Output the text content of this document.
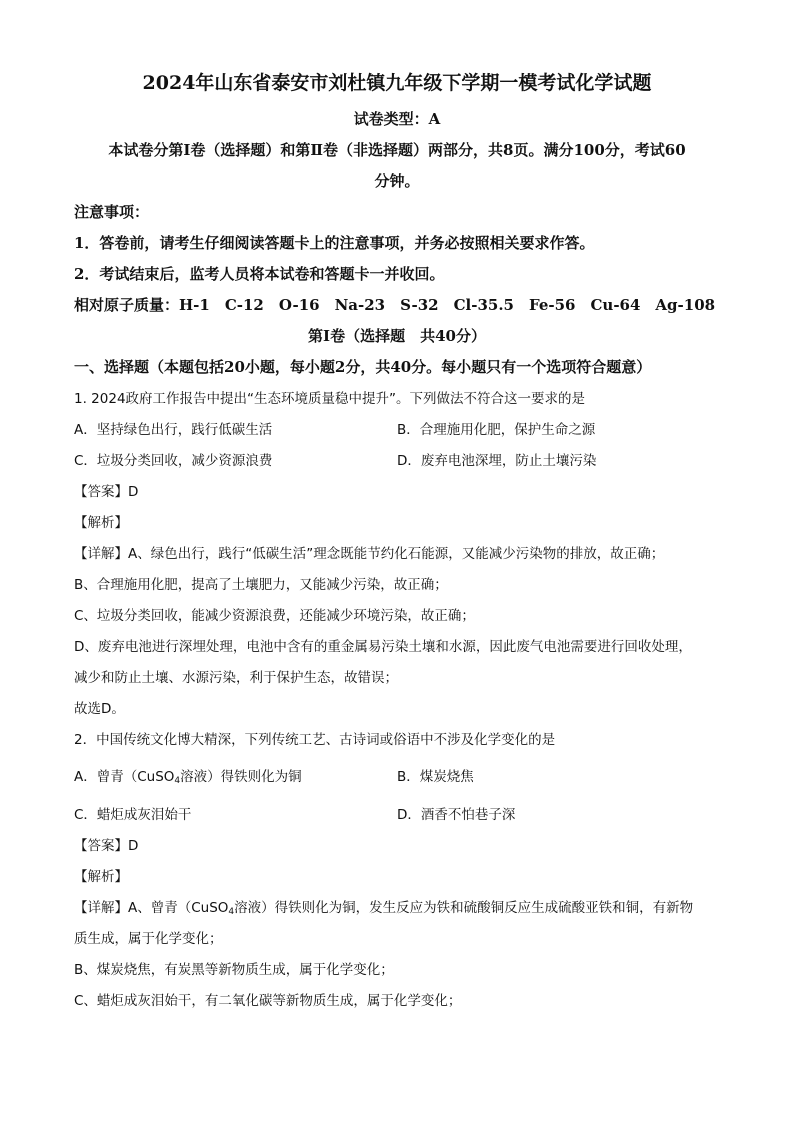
2024年山东省泰安市刘杜镇九年级下学期一模考试化学试题
试卷类型：A
本试卷分第Ⅰ卷（选择题）和第Ⅱ卷（非选择题）两部分，共8页。满分100分，考试60
分钟。
注意事项：
1．答卷前，请考生仔细阅读答题卡上的注意事项，并务必按照相关要求作答。
2．考试结束后，监考人员将本试卷和答题卡一并收回。
相对原子质量：H-1　C-12　O-16　Na-23　S-32　Cl-35.5　Fe-56　Cu-64　Ag-108
第Ⅰ卷（选择题　共40分）
一、选择题（本题包括20小题，每小题2分，共40分。每小题只有一个选项符合题意）
1. 2024政府工作报告中提出“生态环境质量稳中提升”。下列做法不符合这一要求的是
A．坚持绿色出行，践行低碳生活	B．合理施用化肥，保护生命之源
C．垃圾分类回收，减少资源浪费	D．废弃电池深埋，防止土壤污染
【答案】D
【解析】
【详解】A、绿色出行，践行“低碳生活”理念既能节约化石能源，又能减少污染物的排放，故正确；
B、合理施用化肥，提高了土壤肥力，又能减少污染，故正确；
C、垃圾分类回收，能减少资源浪费，还能减少环境污染，故正确；
D、废弃电池进行深埋处理，电池中含有的重金属易污染土壤和水源，因此废气电池需要进行回收处理，
减少和防止土壤、水源污染，利于保护生态，故错误；
故选D。
2．中国传统文化博大精深，下列传统工艺、古诗词或俗语中不涉及化学变化的是
A．曾青（CuSO$_4$溶液）得铁则化为铜	B．煤炭烧焦
C．蜡炬成灰泪始干	D．酒香不怕巷子深
【答案】D
【解析】
【详解】A、曾青（CuSO$_4$溶液）得铁则化为铜，发生反应为铁和硫酸铜反应生成硫酸亚铁和铜，有新物
质生成，属于化学变化；
B、煤炭烧焦，有炭黑等新物质生成，属于化学变化；
C、蜡炬成灰泪始干，有二氧化碳等新物质生成，属于化学变化；
